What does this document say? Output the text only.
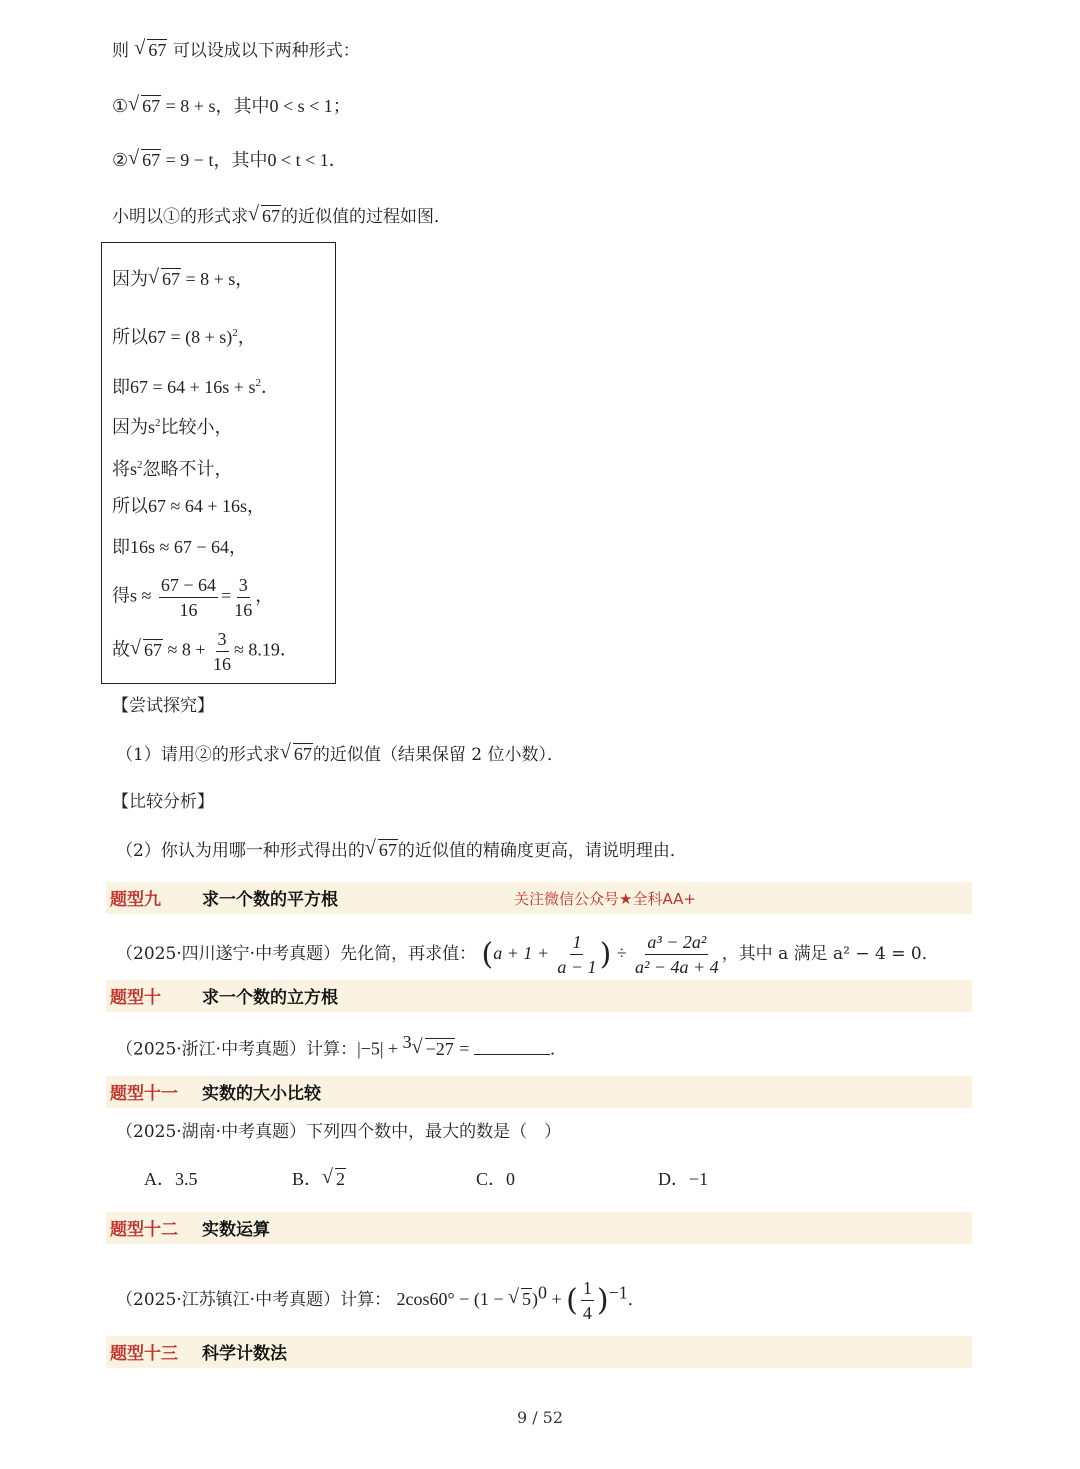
则 √ 67 可以设成以下两种形式：
① √ 67 = 8 + s，其中0 < s < 1；
② √ 67 = 9 − t，其中0 < t < 1．
小明以①的形式求 √ 67的近似值的过程如图．
因为 √ 67 = 8 + s，
所以$67 = (8 + s)^2$，
即$67 = 64 + 16s + s^2$．
因为$s^2$比较小，
将$s^2$忽略不计，
所以67 ≈ 64 + 16s，
即16s ≈ 67 − 64，
得$s \approx \frac{67 - 64}{16} = \frac{3}{16}$ ，
故 √ $67 \approx 8 + \frac{3}{16} \approx 8.19$．
【尝试探究】
（1）请用②的形式求 √ 67的近似值（结果保留 2 位小数）．
【比较分析】
（2）你认为用哪一种形式得出的 √ 67的近似值的精确度更高，请说明理由．
题型九 求一个数的平方根	关注微信公众号★全科AA+
（2025·四川遂宁·中考真题）先化简，再求值： ($a + 1 + \frac{1}{a - 1}$ ) ÷ $\frac{\text{a³ − 2a²}}{\text{a² − 4a + 4}}$ ，其中 a 满足 a² − 4 = 0．
题型十 求一个数的立方根
（2025·浙江·中考真题）计算：|−5| + $^3$ √ −27 =	．
题型十一 实数的大小比较
（2025·湖南·中考真题）下列四个数中，最大的数是（　）
A．3.5	B． √ 2	C．0	D．−1
题型十二 实数运算
（2025·江苏镇江·中考真题）计算： 2cos60° − (1 − √ 5)$^0$ + ( $\frac{1}{4} )^{-1}$．
题型十三 科学计数法
9 / 52
